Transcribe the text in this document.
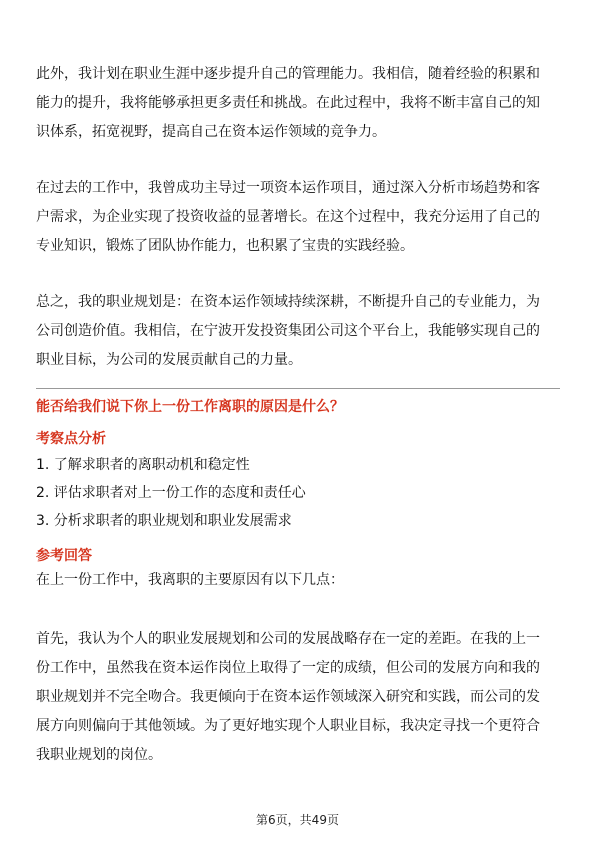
此外，我计划在职业生涯中逐步提升自己的管理能力。我相信，随着经验的积累和
能力的提升，我将能够承担更多责任和挑战。在此过程中，我将不断丰富自己的知
识体系，拓宽视野，提高自己在资本运作领域的竞争力。
在过去的工作中，我曾成功主导过一项资本运作项目，通过深入分析市场趋势和客
户需求，为企业实现了投资收益的显著增长。在这个过程中，我充分运用了自己的
专业知识，锻炼了团队协作能力，也积累了宝贵的实践经验。
总之，我的职业规划是：在资本运作领域持续深耕，不断提升自己的专业能力，为
公司创造价值。我相信，在宁波开发投资集团公司这个平台上，我能够实现自己的
职业目标，为公司的发展贡献自己的力量。
能否给我们说下你上一份工作离职的原因是什么？
考察点分析
1. 了解求职者的离职动机和稳定性
2. 评估求职者对上一份工作的态度和责任心
3. 分析求职者的职业规划和职业发展需求
参考回答
在上一份工作中，我离职的主要原因有以下几点：
首先，我认为个人的职业发展规划和公司的发展战略存在一定的差距。在我的上一
份工作中，虽然我在资本运作岗位上取得了一定的成绩，但公司的发展方向和我的
职业规划并不完全吻合。我更倾向于在资本运作领域深入研究和实践，而公司的发
展方向则偏向于其他领域。为了更好地实现个人职业目标，我决定寻找一个更符合
我职业规划的岗位。
第6页，共49页
